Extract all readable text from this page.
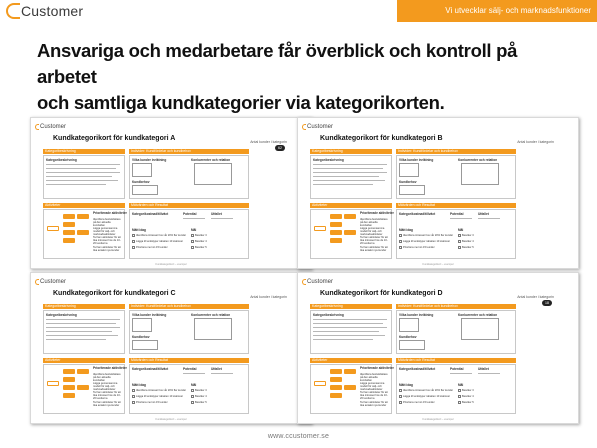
Customer	Vi utvecklar sälj- och marknadsfunktioner
Ansvariga och medarbetare får överblick och kontroll på arbetet
och samtliga kundkategorier via kategorikorten.
Customer
Kundkategorikort för kundkategori A	Antal kunder i kategorin
62
Kategoribeskrivning	Individer: Kundfördelar och kundbehov
Kategoribeskrivning	Vilka kunder inriktning	Konkurrenter och relation
Kundbehov
Aktiviteter	Mätvärden och Resultat
Prioriterade aktiviteter
Identifiera beslutsfattare på den aktuella kundsidan
Lägga gemensamma modell för sälj- och marknadsaktiviteter
Ta fram aktiviteter för att öka intresset hos de 10-20 kunderna
Ta fram aktiviteter för att öka antalet nya kunder
Kategorikostnad/tillväxt	Potential	Utfallet
Mätt idag	Mål
Identifiera intresset hos vår 20% fler kunder
Lägga till enkätyper rabatten 10 stationer
Prioritera mer än 15 kunder
Besöker 3
Besöker 4
Besöker 5
Kundkategorikort – exempel
Customer
Kundkategorikort för kundkategori B	Antal kunder i kategorin
Kategoribeskrivning	Individer: Kundfördelar och kundbehov
Kategoribeskrivning	Vilka kunder inriktning	Konkurrenter och relation
Kundbehov
Aktiviteter	Mätvärden och Resultat
Prioriterade aktiviteter
Identifiera beslutsfattare på den aktuella kundsidan
Lägga gemensamma modell för sälj- och marknadsaktiviteter
Ta fram aktiviteter för att öka intresset hos de 10-20 kunderna
Ta fram aktiviteter för att öka antalet nya kunder
Kategorikostnad/tillväxt	Potential	Utfallet
Mätt idag	Mål
Identifiera intresset hos vår 20% fler kunder
Lägga till enkätyper rabatten 10 stationer
Prioritera mer än 15 kunder
Besöker 3
Besöker 4
Besöker 5
Kundkategorikort – exempel
Customer
Kundkategorikort för kundkategori C	Antal kunder i kategorin
Kategoribeskrivning	Individer: Kundfördelar och kundbehov
Kategoribeskrivning	Vilka kunder inriktning	Konkurrenter och relation
Kundbehov
Aktiviteter	Mätvärden och Resultat
Prioriterade aktiviteter
Identifiera beslutsfattare på den aktuella kundsidan
Lägga gemensamma modell för sälj- och marknadsaktiviteter
Ta fram aktiviteter för att öka intresset hos de 10-20 kunderna
Ta fram aktiviteter för att öka antalet nya kunder
Kategorikostnad/tillväxt	Potential	Utfallet
Mätt idag	Mål
Identifiera intresset hos vår 20% fler kunder
Lägga till enkätyper rabatten 10 stationer
Prioritera mer än 15 kunder
Besöker 3
Besöker 4
Besöker 5
Kundkategorikort – exempel
Customer
Kundkategorikort för kundkategori D	Antal kunder i kategorin
18
Kategoribeskrivning	Individer: Kundfördelar och kundbehov
Kategoribeskrivning	Vilka kunder inriktning	Konkurrenter och relation
Kundbehov
Aktiviteter	Mätvärden och Resultat
Prioriterade aktiviteter
Identifiera beslutsfattare på den aktuella kundsidan
Lägga gemensamma modell för sälj- och marknadsaktiviteter
Ta fram aktiviteter för att öka intresset hos de 10-20 kunderna
Ta fram aktiviteter för att öka antalet nya kunder
Kategorikostnad/tillväxt	Potential	Utfallet
Mätt idag	Mål
Identifiera intresset hos vår 20% fler kunder
Lägga till enkätyper rabatten 10 stationer
Prioritera mer än 15 kunder
Besöker 3
Besöker 4
Besöker 5
Kundkategorikort – exempel
www.ccustomer.se
